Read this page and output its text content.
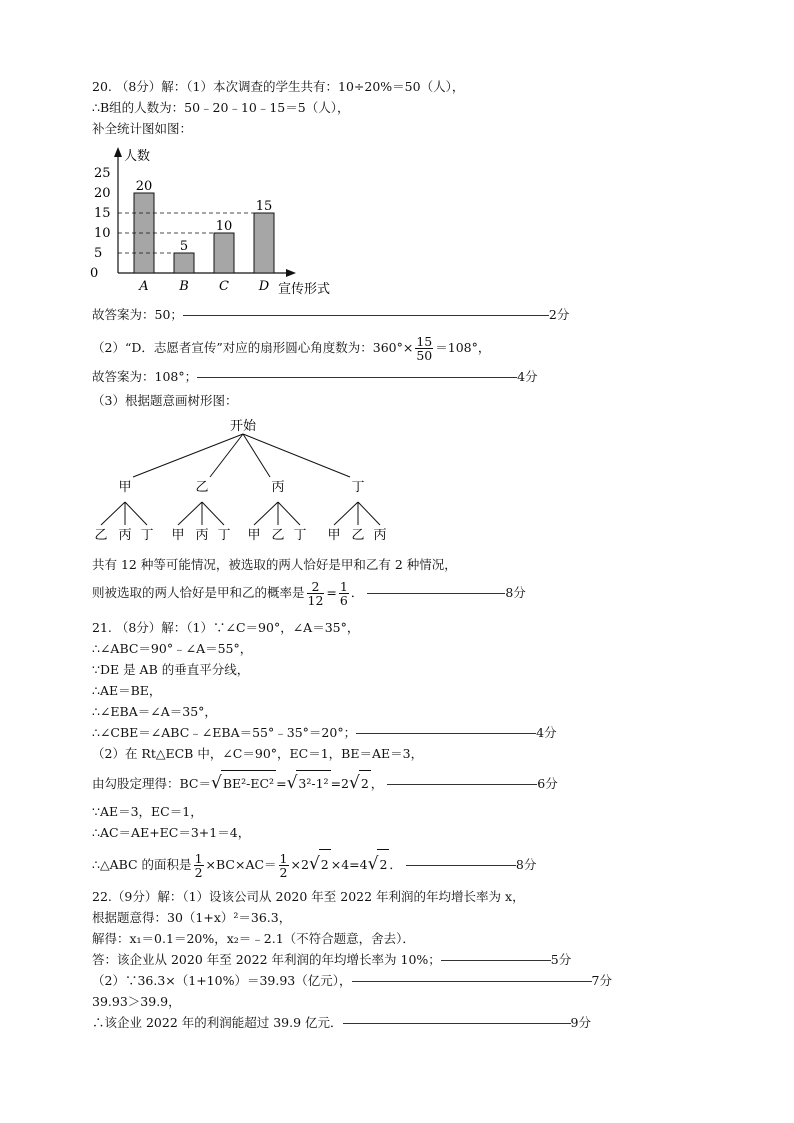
20. （8分）解：（1）本次调查的学生共有：10÷20%＝50（人），
∴B组的人数为：50﹣20﹣10﹣15＝5（人），
补全统计图如图：
0
5
10
15
20
25
人数
宣传形式
20
A
5
B
10
C
15
D
故答案为：50；	2分
（2）“D．志愿者宣传”对应的扇形圆心角度数为：$360^\circ\times \frac{15}{50} =108^\circ$，
故答案为：108°；	4分
（3）根据题意画树形图：
开始
甲
乙 丙 丁
乙
甲 丙 丁
丙
甲 乙 丁
丁
甲 乙 丙
共有 12 种等可能情况，被选取的两人恰好是甲和乙有 2 种情况，
则被选取的两人恰好是甲和乙的概率是 $\frac{2}{12} = \frac{1}{6}$ ．	8分
21. （8分）解：（1）∵∠C＝90°，∠A＝35°，
∴∠ABC＝90°﹣∠A＝55°，
∵DE 是 AB 的垂直平分线，
∴AE＝BE，
∴∠EBA＝∠A＝35°，
∴∠CBE＝∠ABC﹣∠EBA＝55°﹣35°＝20°；	4分
（2）在 Rt△ECB 中，∠C＝90°，EC＝1，BE＝AE＝3，
由勾股定理得：BC＝√BE²-EC² =√3²-1² =2√2 ，	6分
∵AE＝3，EC＝1，
∴AC＝AE+EC＝3+1＝4，
∴△ABC 的面积是 $\frac{1}{2} \times BC\times AC= \frac{1}{2} \times 2√2 \times 4=4√2$ ．	8分
22.（9分）解：（1）设该公司从 2020 年至 2022 年利润的年均增长率为 x，
根据题意得：30（1+x）²＝36.3，
解得：x₁＝0.1＝20%，x₂＝﹣2.1（不符合题意，舍去）．
答：该企业从 2020 年至 2022 年利润的年均增长率为 10%；	5分
（2）∵36.3×（1+10%）＝39.93（亿元），	7分
39.93＞39.9，
∴该企业 2022 年的利润能超过 39.9 亿元．	9分
